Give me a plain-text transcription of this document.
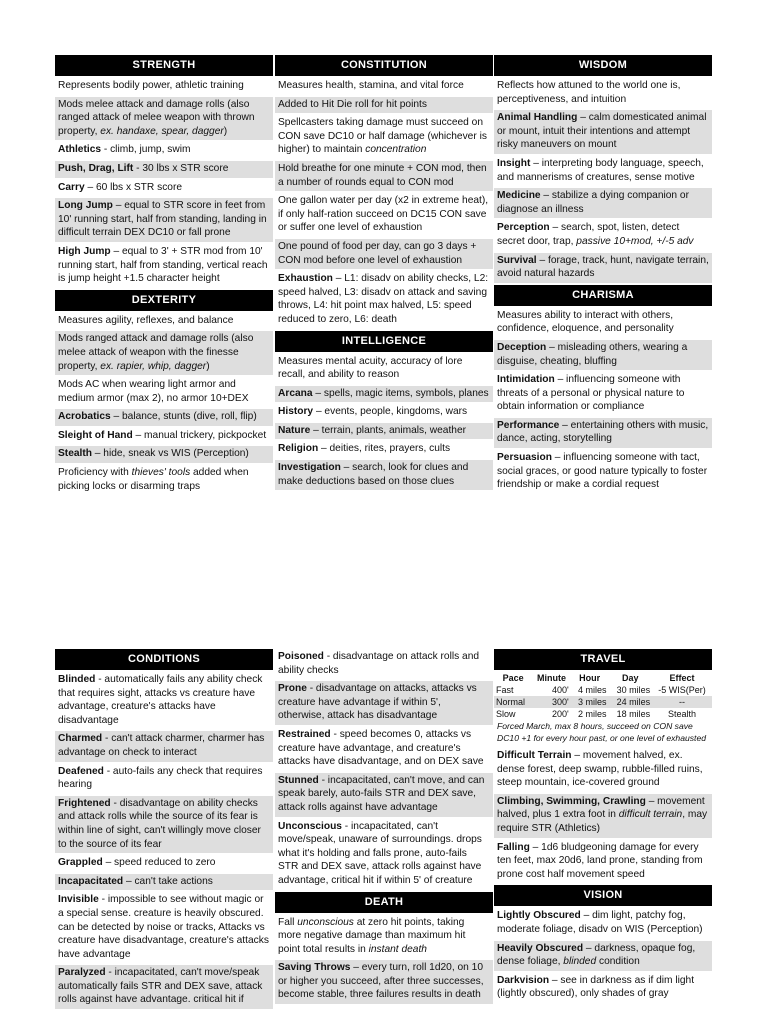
STRENGTH
Represents bodily power, athletic training
Mods melee attack and damage rolls (also ranged attack of melee weapon with thrown property, ex. handaxe, spear, dagger)
Athletics - climb, jump, swim
Push, Drag, Lift - 30 lbs x STR score
Carry – 60 lbs x STR score
Long Jump – equal to STR score in feet from 10' running start, half from standing, landing in difficult terrain DEX DC10 or fall prone
High Jump – equal to 3' + STR mod from 10' running start, half from standing, vertical reach is jump height +1.5 character height
DEXTERITY
Measures agility, reflexes, and balance
Mods ranged attack and damage rolls (also melee attack of weapon with the finesse property, ex. rapier, whip, dagger)
Mods AC when wearing light armor and medium armor (max 2), no armor 10+DEX
Acrobatics – balance, stunts (dive, roll, flip)
Sleight of Hand – manual trickery, pickpocket
Stealth – hide, sneak vs WIS (Perception)
Proficiency with thieves' tools added when picking locks or disarming traps
CONSTITUTION
Measures health, stamina, and vital force
Added to Hit Die roll for hit points
Spellcasters taking damage must succeed on CON save DC10 or half damage (whichever is higher) to maintain concentration
Hold breathe for one minute + CON mod, then a number of rounds equal to CON mod
One gallon water per day (x2 in extreme heat), if only half-ration succeed on DC15 CON save or suffer one level of exhaustion
One pound of food per day, can go 3 days + CON mod before one level of exhaustion
Exhaustion – L1: disadv on ability checks, L2: speed halved, L3: disadv on attack and saving throws, L4: hit point max halved, L5: speed reduced to zero, L6: death
INTELLIGENCE
Measures mental acuity, accuracy of lore recall, and ability to reason
Arcana – spells, magic items, symbols, planes
History – events, people, kingdoms, wars
Nature – terrain, plants, animals, weather
Religion – deities, rites, prayers, cults
Investigation – search, look for clues and make deductions based on those clues
WISDOM
Reflects how attuned to the world one is, perceptiveness, and intuition
Animal Handling – calm domesticated animal or mount, intuit their intentions and attempt risky maneuvers on mount
Insight – interpreting body language, speech, and mannerisms of creatures, sense motive
Medicine – stabilize a dying companion or diagnose an illness
Perception – search, spot, listen, detect secret door, trap, passive 10+mod, +/-5 adv
Survival – forage, track, hunt, navigate terrain, avoid natural hazards
CHARISMA
Measures ability to interact with others, confidence, eloquence, and personality
Deception – misleading others, wearing a disguise, cheating, bluffing
Intimidation – influencing someone with threats of a personal or physical nature to obtain information or compliance
Performance – entertaining others with music, dance, acting, storytelling
Persuasion – influencing someone with tact, social graces, or good nature typically to foster friendship or make a cordial request
CONDITIONS
Blinded - automatically fails any ability check that requires sight, attacks vs creature have advantage, creature's attacks have disadvantage
Charmed - can't attack charmer, charmer has advantage on check to interact
Deafened - auto-fails any check that requires hearing
Frightened - disadvantage on ability checks and attack rolls while the source of its fear is within line of sight, can't willingly move closer to the source of its fear
Grappled – speed reduced to zero
Incapacitated – can't take actions
Invisible - impossible to see without magic or a special sense. creature is heavily obscured. can be detected by noise or tracks, Attacks vs creature have disadvantage, creature's attacks have advantage
Paralyzed - incapacitated, can't move/speak automatically fails STR and DEX save, attack rolls against have advantage. critical hit if
Poisoned - disadvantage on attack rolls and ability checks
Prone - disadvantage on attacks, attacks vs creature have advantage if within 5', otherwise, attack has disadvantage
Restrained - speed becomes 0, attacks vs creature have advantage, and creature's attacks have disadvantage, and on DEX save
Stunned - incapacitated, can't move, and can speak barely, auto-fails STR and DEX save, attack rolls against have advantage
Unconscious - incapacitated, can't move/speak, unaware of surroundings. drops what it's holding and falls prone, auto-fails STR and DEX save, attack rolls against have advantage, critical hit if within 5' of creature
DEATH
Fall unconscious at zero hit points, taking more negative damage than maximum hit point total results in instant death
Saving Throws – every turn, roll 1d20, on 10 or higher you succeed, after three successes, become stable, three failures results in death
TRAVEL
Pace	Minute	Hour	Day	Effect
Fast	400'	4 miles	30 miles	-5 WIS(Per)
Normal	300'	3 miles	24 miles	--
Slow	200'	2 miles	18 miles	Stealth
Forced March, max 8 hours, succeed on CON save DC10 +1 for every hour past, or one level of exhausted
Difficult Terrain – movement halved, ex. dense forest, deep swamp, rubble-filled ruins, steep mountain, ice-covered ground
Climbing, Swimming, Crawling – movement halved, plus 1 extra foot in difficult terrain, may require STR (Athletics)
Falling – 1d6 bludgeoning damage for every ten feet, max 20d6, land prone, standing from prone cost half movement speed
VISION
Lightly Obscured – dim light, patchy fog, moderate foliage, disadv on WIS (Perception)
Heavily Obscured – darkness, opaque fog, dense foliage, blinded condition
Darkvision – see in darkness as if dim light (lightly obscured), only shades of gray
